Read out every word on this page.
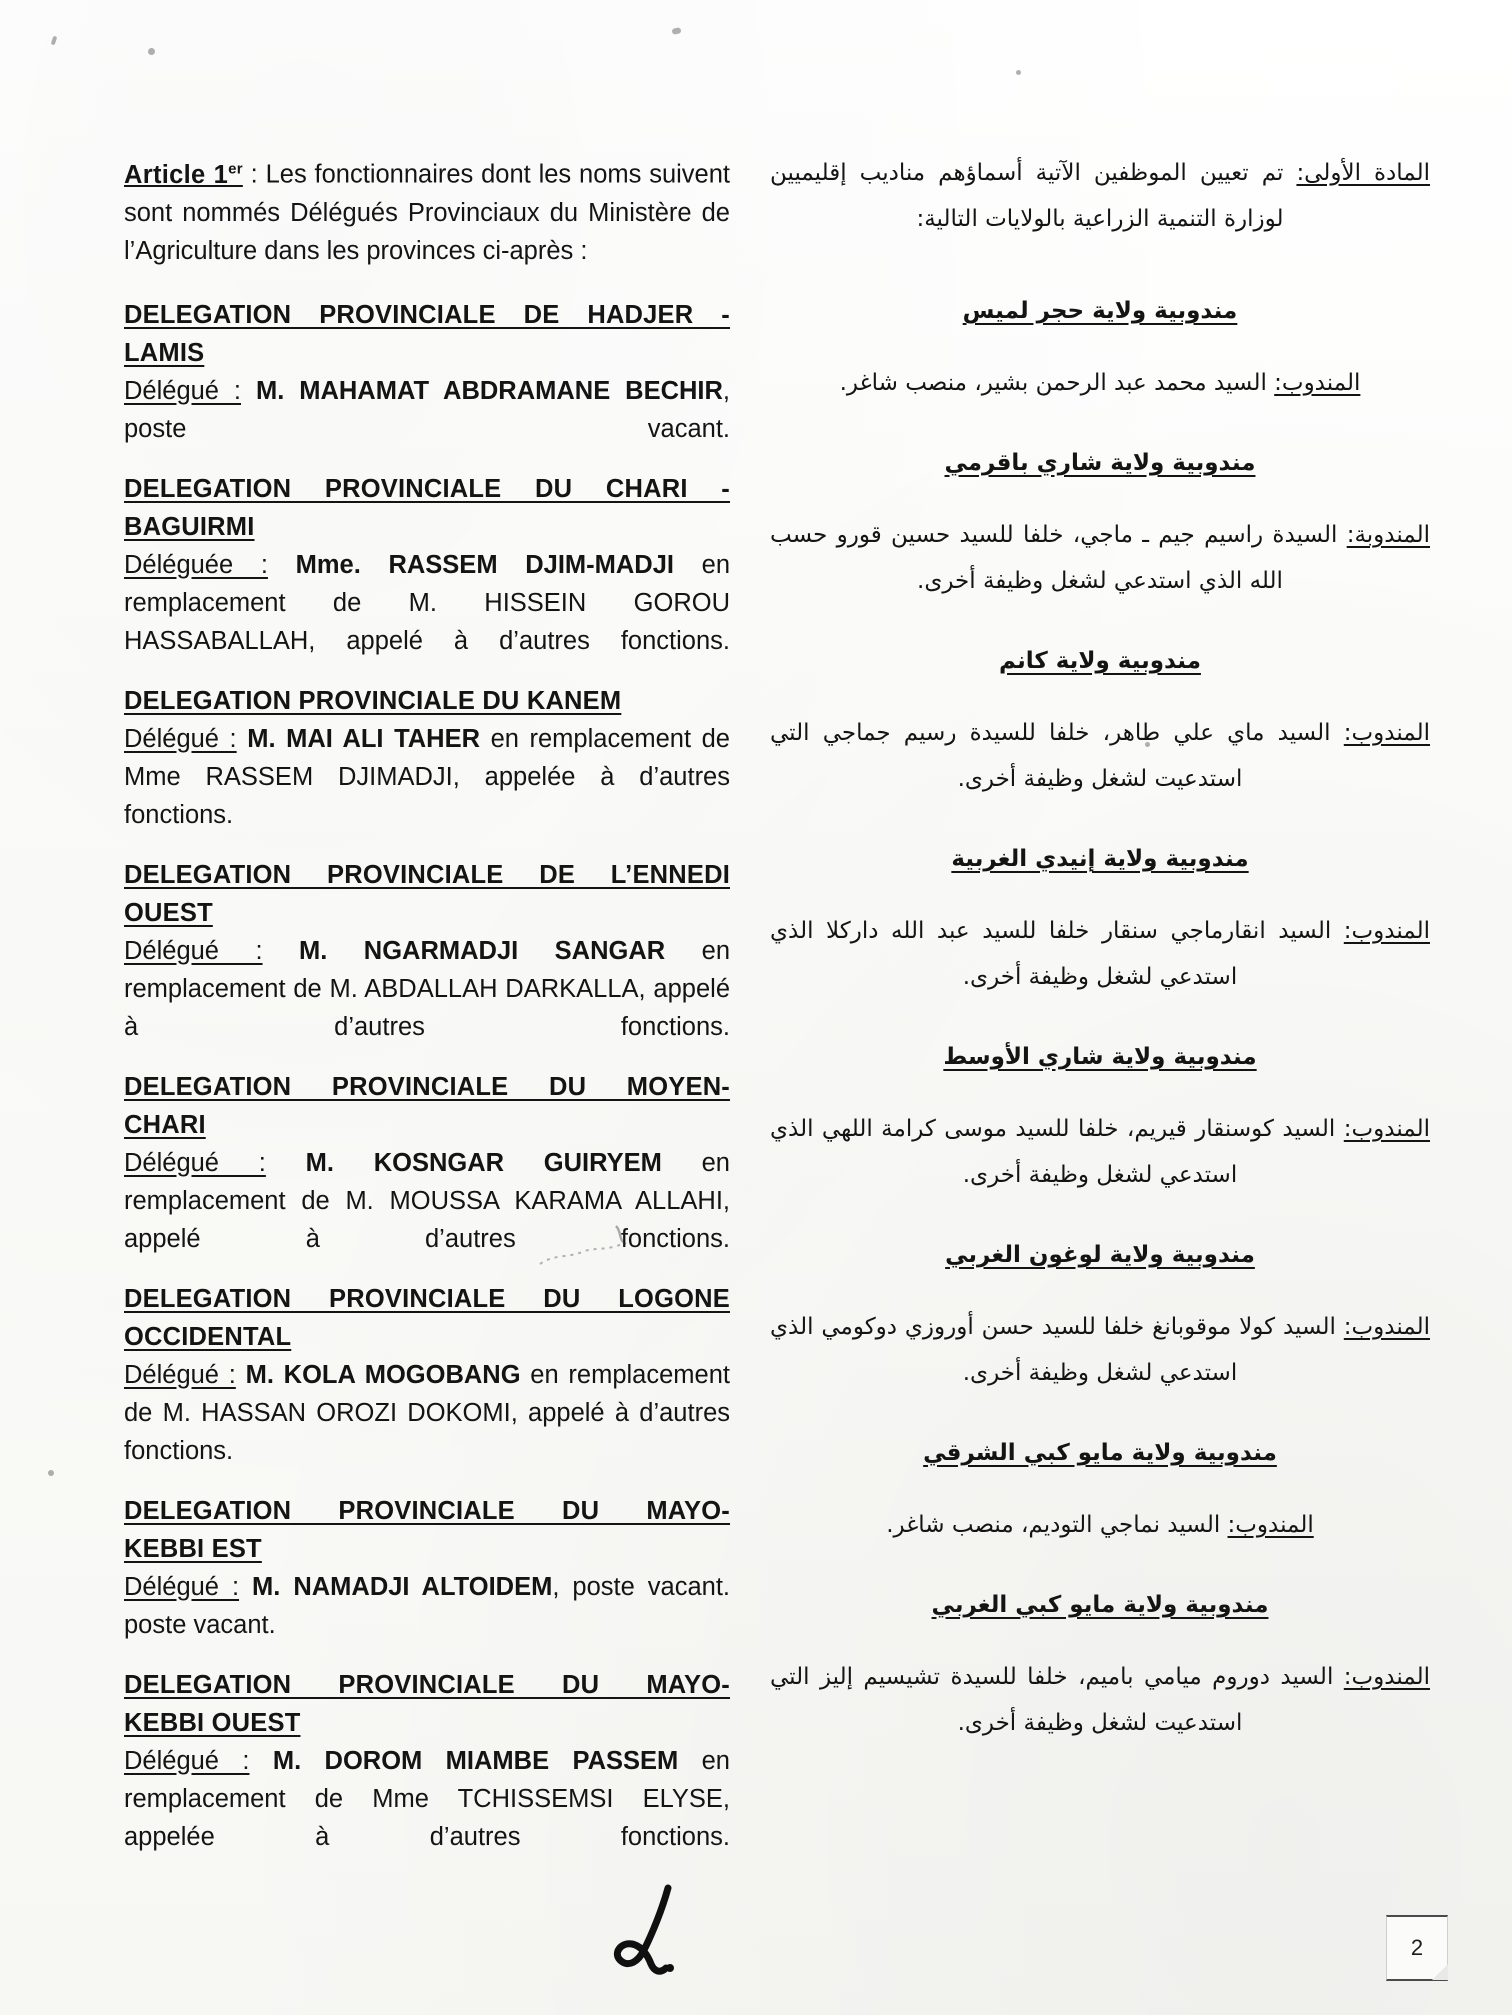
Article 1er : Les fonctionnaires dont les noms suivent sont nommés Délégués Provinciaux du Ministère de l’Agriculture dans les provinces ci-après :

DELEGATION PROVINCIALE DE HADJER -
LAMIS

Délégué : M. MAHAMAT ABDRAMANE BECHIR, poste vacant.

DELEGATION PROVINCIALE DU CHARI -
BAGUIRMI

Déléguée : Mme. RASSEM DJIM-MADJI en remplacement de M. HISSEIN GOROU HASSABALLAH, appelé à d’autres fonctions.

DELEGATION PROVINCIALE DU KANEM

Délégué : M. MAI ALI TAHER en remplacement de Mme RASSEM DJIMADJI, appelée à d’autres fonctions.

DELEGATION PROVINCIALE DE L’ENNEDI
OUEST

Délégué : M. NGARMADJI SANGAR en remplacement de M. ABDALLAH DARKALLA, appelé à d’autres fonctions.

DELEGATION PROVINCIALE DU MOYEN-
CHARI

Délégué : M. KOSNGAR GUIRYEM en remplacement de M. MOUSSA KARAMA ALLAHI, appelé à d’autres fonctions.

DELEGATION PROVINCIALE DU LOGONE
OCCIDENTAL

Délégué : M. KOLA MOGOBANG en remplacement de M. HASSAN OROZI DOKOMI, appelé à d’autres fonctions.

DELEGATION PROVINCIALE DU MAYO-
KEBBI EST

Délégué : M. NAMADJI ALTOIDEM, poste vacant. poste vacant.

DELEGATION PROVINCIALE DU MAYO-
KEBBI OUEST

Délégué : M. DOROM MIAMBE PASSEM en remplacement de Mme TCHISSEMSI ELYSE, appelée à d’autres fonctions.

المادة الأولى: تم تعيين الموظفين الآتية أسماؤهم مناديب إقليميين لوزارة التنمية الزراعية بالولايات التالية:

مندوبية ولاية حجر لميس

المندوب: السيد محمد عبد الرحمن بشير، منصب شاغر.

مندوبية ولاية شاري باقرمي

المندوبة: السيدة راسيم جيم ـ ماجي، خلفا للسيد حسين قورو حسب الله الذي استدعي لشغل وظيفة أخرى.

مندوبية ولاية كانم

المندوب: السيد ماي علي طاهر، خلفا للسيدة رسيم جماجي التي استدعيت لشغل وظيفة أخرى.

مندوبية ولاية إنيدي الغربية

المندوب: السيد انقارماجي سنقار خلفا للسيد عبد الله داركلا الذي استدعي لشغل وظيفة أخرى.

مندوبية ولاية شاري الأوسط

المندوب: السيد كوسنقار قيريم، خلفا للسيد موسى كرامة اللهي الذي استدعي لشغل وظيفة أخرى.

مندوبية ولاية لوغون الغربي

المندوب: السيد كولا موقوبانغ خلفا للسيد حسن أوروزي دوكومي الذي استدعي لشغل وظيفة أخرى.

مندوبية ولاية مايو كبي الشرقي

المندوب: السيد نماجي التوديم، منصب شاغر.

مندوبية ولاية مايو كبي الغربي

المندوب: السيد دوروم ميامي باميم، خلفا للسيدة تشيسيم إليز التي استدعيت لشغل وظيفة أخرى.

2
